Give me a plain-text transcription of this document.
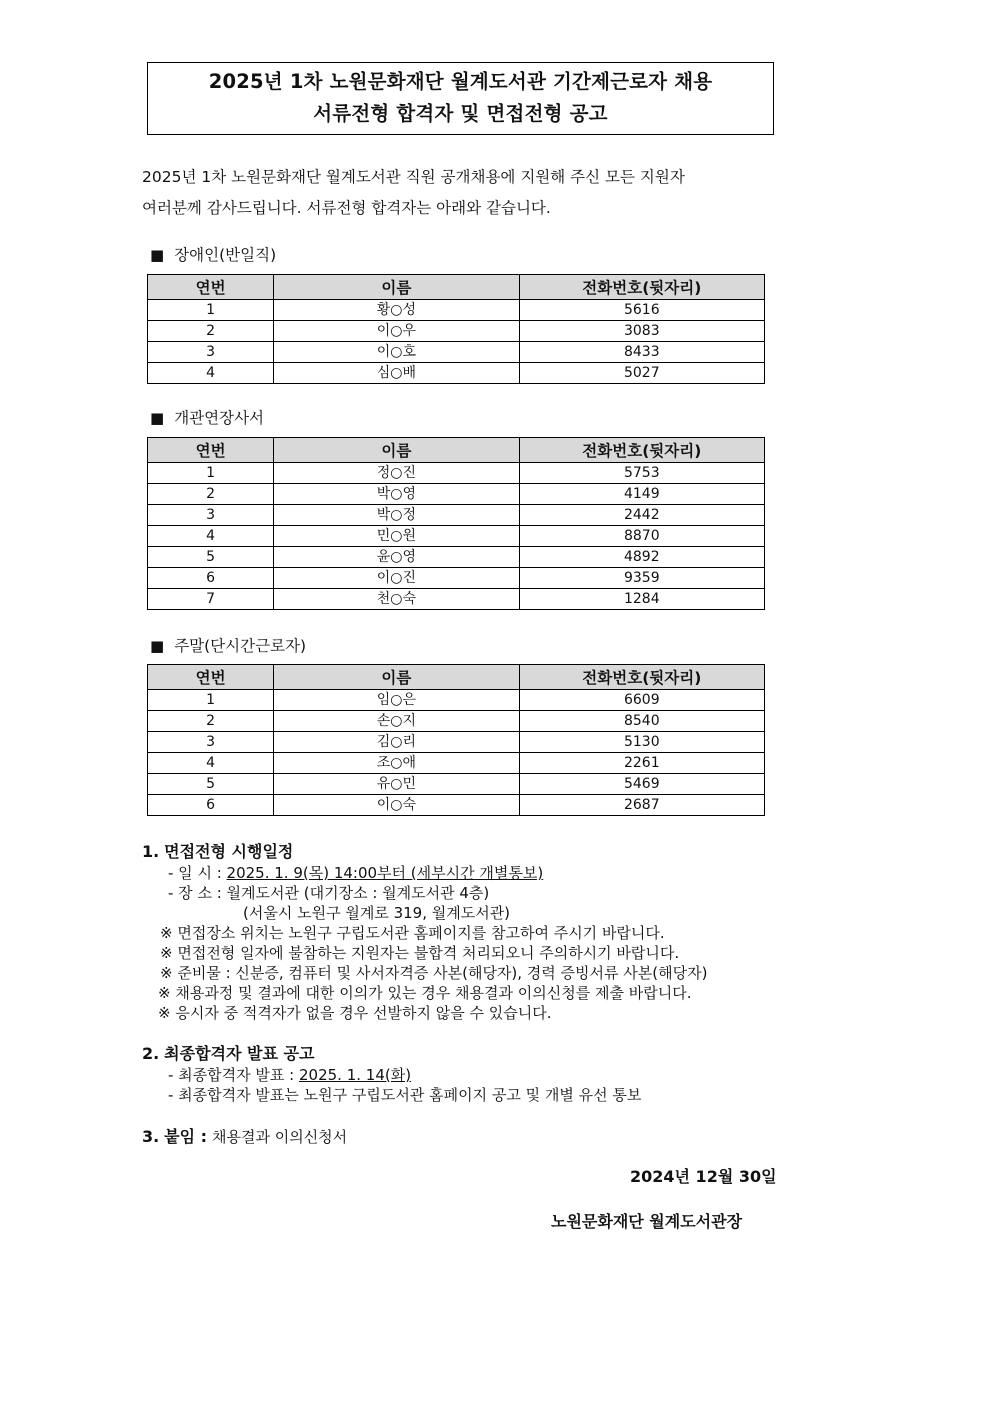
2025년 1차 노원문화재단 월계도서관 기간제근로자 채용
서류전형 합격자 및 면접전형 공고
2025년 1차 노원문화재단 월계도서관 직원 공개채용에 지원해 주신 모든 지원자
여러분께 감사드립니다. 서류전형 합격자는 아래와 같습니다.
■ 장애인(반일직)
연번	이름	전화번호(뒷자리)
1	황○성	5616
2	이○우	3083
3	이○호	8433
4	심○배	5027
■ 개관연장사서
연번	이름	전화번호(뒷자리)
1	정○진	5753
2	박○영	4149
3	박○정	2442
4	민○원	8870
5	윤○영	4892
6	이○진	9359
7	천○숙	1284
■ 주말(단시간근로자)
연번	이름	전화번호(뒷자리)
1	임○은	6609
2	손○지	8540
3	김○리	5130
4	조○애	2261
5	유○민	5469
6	이○숙	2687
1. 면접전형 시행일정
- 일 시 : 2025. 1. 9(목) 14:00부터 (세부시간 개별통보)
- 장 소 : 월계도서관 (대기장소 : 월계도서관 4층)
(서울시 노원구 월계로 319, 월계도서관)
※ 면접장소 위치는 노원구 구립도서관 홈페이지를 참고하여 주시기 바랍니다.
※ 면접전형 일자에 불참하는 지원자는 불합격 처리되오니 주의하시기 바랍니다.
※ 준비물 : 신분증, 컴퓨터 및 사서자격증 사본(해당자), 경력 증빙서류 사본(해당자)
※ 채용과정 및 결과에 대한 이의가 있는 경우 채용결과 이의신청를 제출 바랍니다.
※ 응시자 중 적격자가 없을 경우 선발하지 않을 수 있습니다.
2. 최종합격자 발표 공고
- 최종합격자 발표 : 2025. 1. 14(화)
- 최종합격자 발표는 노원구 구립도서관 홈페이지 공고 및 개별 유선 통보
3. 붙임 : 채용결과 이의신청서
2024년 12월 30일
노원문화재단 월계도서관장
